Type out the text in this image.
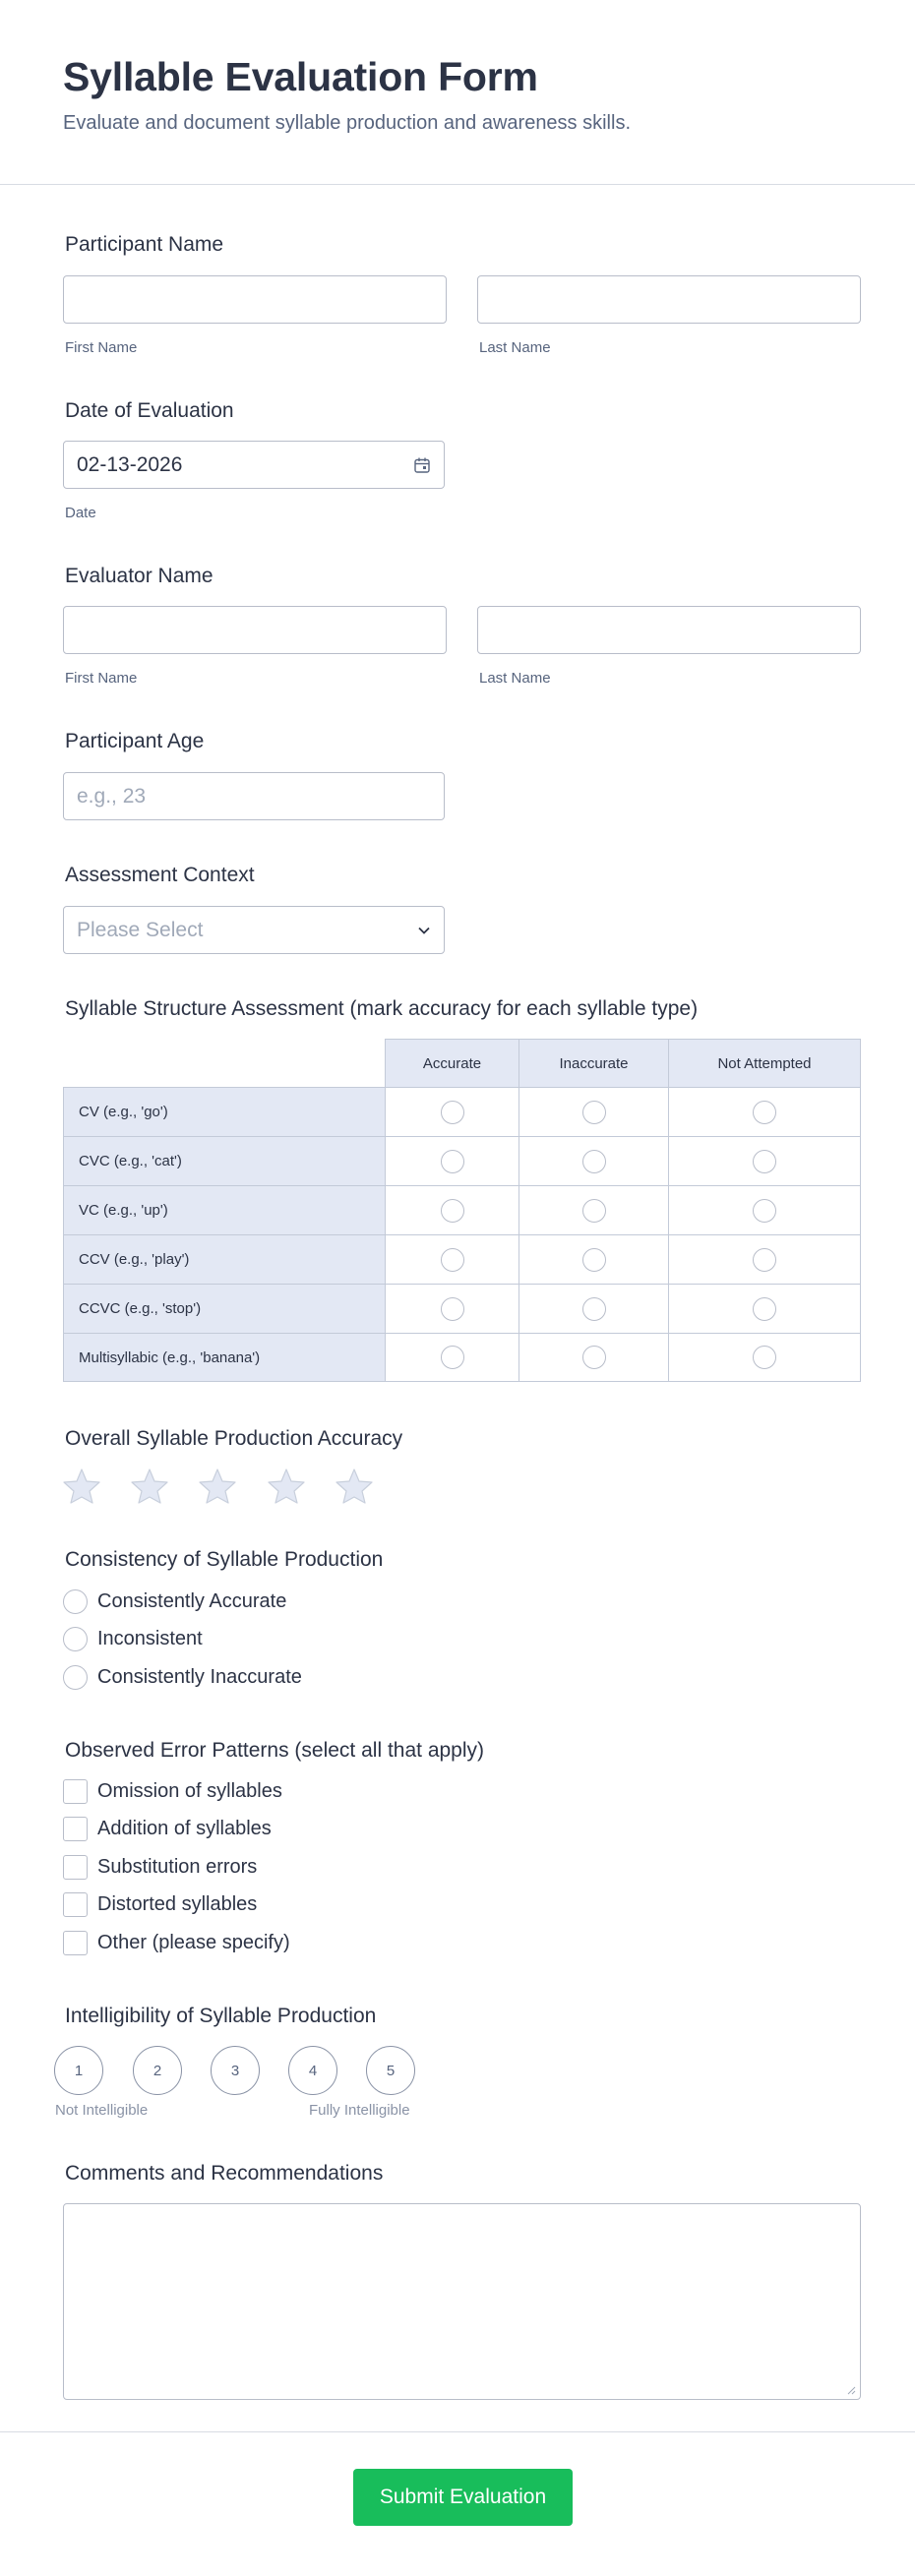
Syllable Evaluation Form

Evaluate and document syllable production and awareness skills.

Participant Name
First Name	Last Name
Date of Evaluation
02-13-2026
Date
Evaluator Name
First Name	Last Name
Participant Age
e.g., 23
Assessment Context
Please Select
Syllable Structure Assessment (mark accuracy for each syllable type)
Accurate	Inaccurate	Not Attempted
CV (e.g., 'go')
CVC (e.g., 'cat')
VC (e.g., 'up')
CCV (e.g., 'play')
CCVC (e.g., 'stop')
Multisyllabic (e.g., 'banana')
Overall Syllable Production Accuracy
Consistency of Syllable Production
Consistently Accurate
Inconsistent
Consistently Inaccurate
Observed Error Patterns (select all that apply)
Omission of syllables
Addition of syllables
Substitution errors
Distorted syllables
Other (please specify)
Intelligibility of Syllable Production
1	2	3	4	5
Not Intelligible	Fully Intelligible
Comments and Recommendations
Submit Evaluation
